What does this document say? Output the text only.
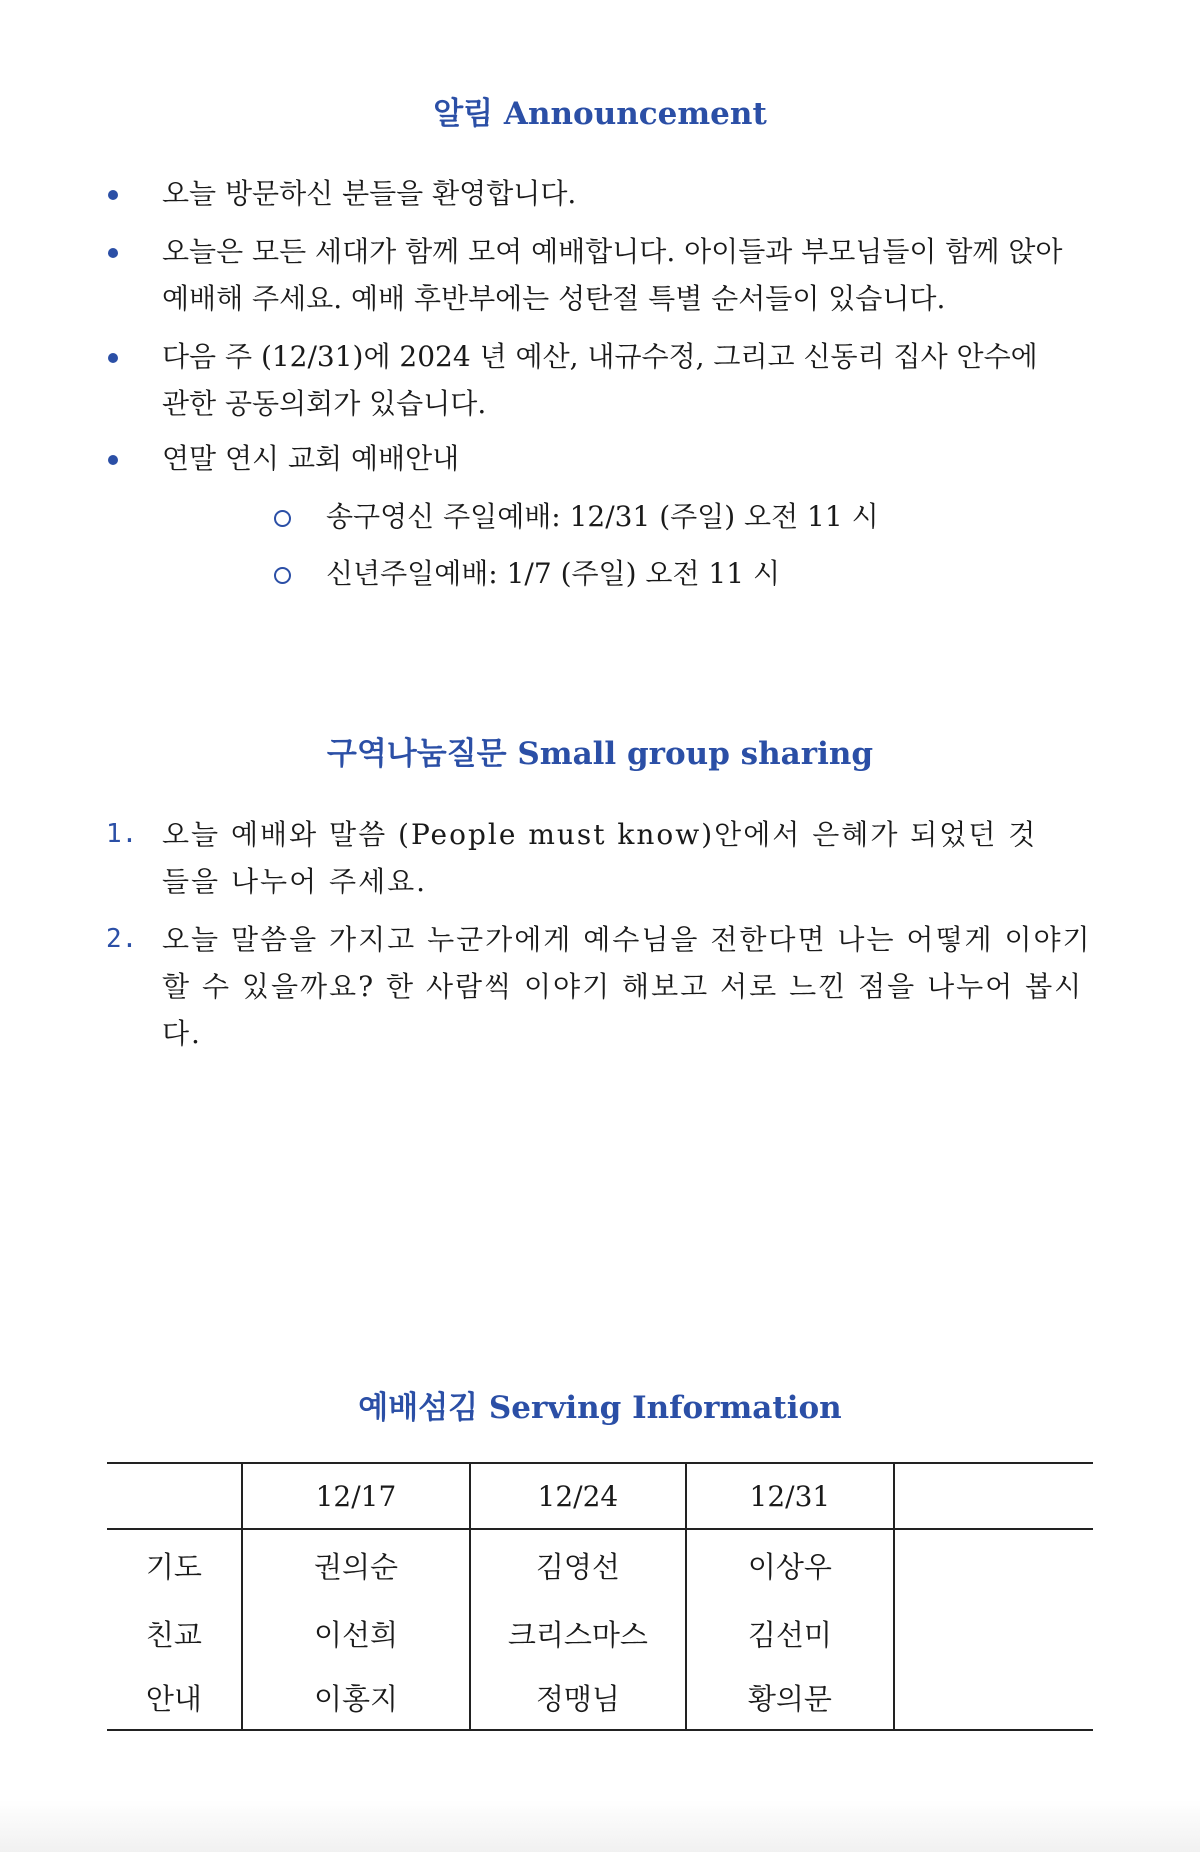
알림 Announcement

오늘 방문하신 분들을 환영합니다.

오늘은 모든 세대가 함께 모여 예배합니다. 아이들과 부모님들이 함께 앉아 예배해 주세요. 예배 후반부에는 성탄절 특별 순서들이 있습니다.

다음 주 (12/31)에 2024 년 예산, 내규수정, 그리고 신동리 집사 안수에 관한 공동의회가 있습니다.

연말 연시 교회 예배안내

송구영신 주일예배: 12/31 (주일) 오전 11 시

신년주일예배: 1/7 (주일) 오전 11 시

구역나눔질문 Small group sharing
1. 오늘 예배와 말씀 (People must know)안에서 은혜가 되었던 것들을 나누어 주세요.

2. 오늘 말씀을 가지고 누군가에게 예수님을 전한다면 나는 어떻게 이야기 할 수 있을까요? 한 사람씩 이야기 해보고 서로 느낀 점을 나누어 봅시다.

예배섬김 Serving Information
	12/17	12/24	12/31	
기도	권의순	김영선	이상우	
친교	이선희	크리스마스	김선미	
안내	이홍지	정맹님	황의문	
